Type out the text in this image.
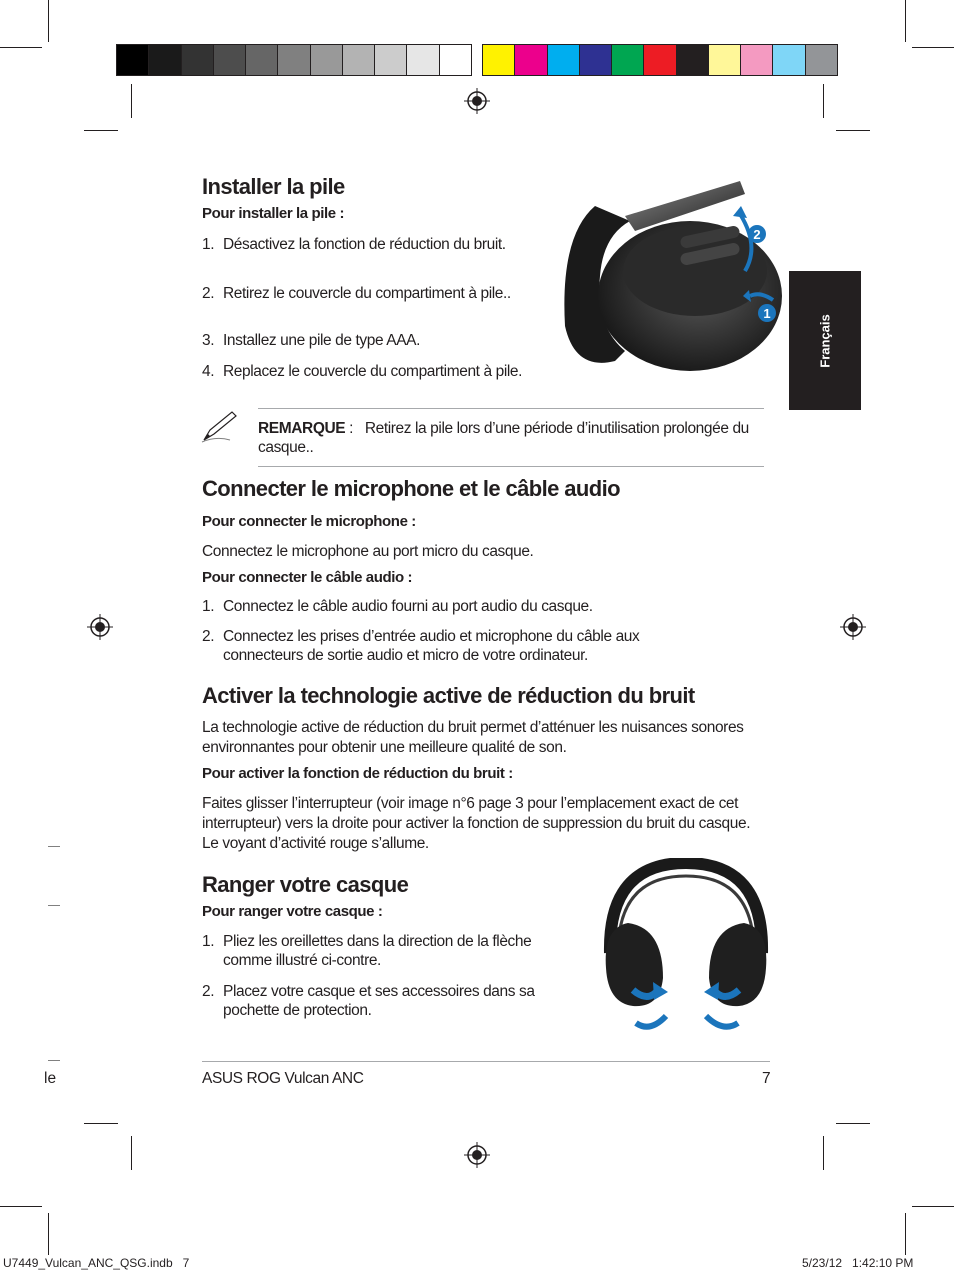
Français
Installer la pile

Pour installer la pile :

1. Désactivez la fonction de réduction du bruit.
2. Retirez le couvercle du compartiment à pile..
3. Installez une pile de type AAA.
4. Replacez le couvercle du compartiment à pile.
2
1
REMARQUE : Retirez la pile lors d’une période d’inutilisation prolongée du casque..
Connecter le microphone et le câble audio

Pour connecter le microphone :

Connectez le microphone au port micro du casque.

Pour connecter le câble audio :

1. Connectez le câble audio fourni au port audio du casque.
2. Connectez les prises d’entrée audio et microphone du câble aux connecteurs de sortie audio et micro de votre ordinateur.
Activer la technologie active de réduction du bruit

La technologie active de réduction du bruit permet d’atténuer les nuisances sonores environnantes pour obtenir une meilleure qualité de son.

Pour activer la fonction de réduction du bruit :

Faites glisser l’interrupteur (voir image n°6 page 3 pour l’emplacement exact de cet interrupteur) vers la droite pour activer la fonction de suppression du bruit du casque. Le voyant d’activité rouge s’allume.

Ranger votre casque

Pour ranger votre casque :

1. Pliez les oreillettes dans la direction de la flèche comme illustré ci-contre.
2. Placez votre casque et ses accessoires dans sa pochette de protection.
le	ASUS ROG Vulcan ANC	7
U7449_Vulcan_ANC_QSG.indb   7	5/23/12   1:42:10 PM
